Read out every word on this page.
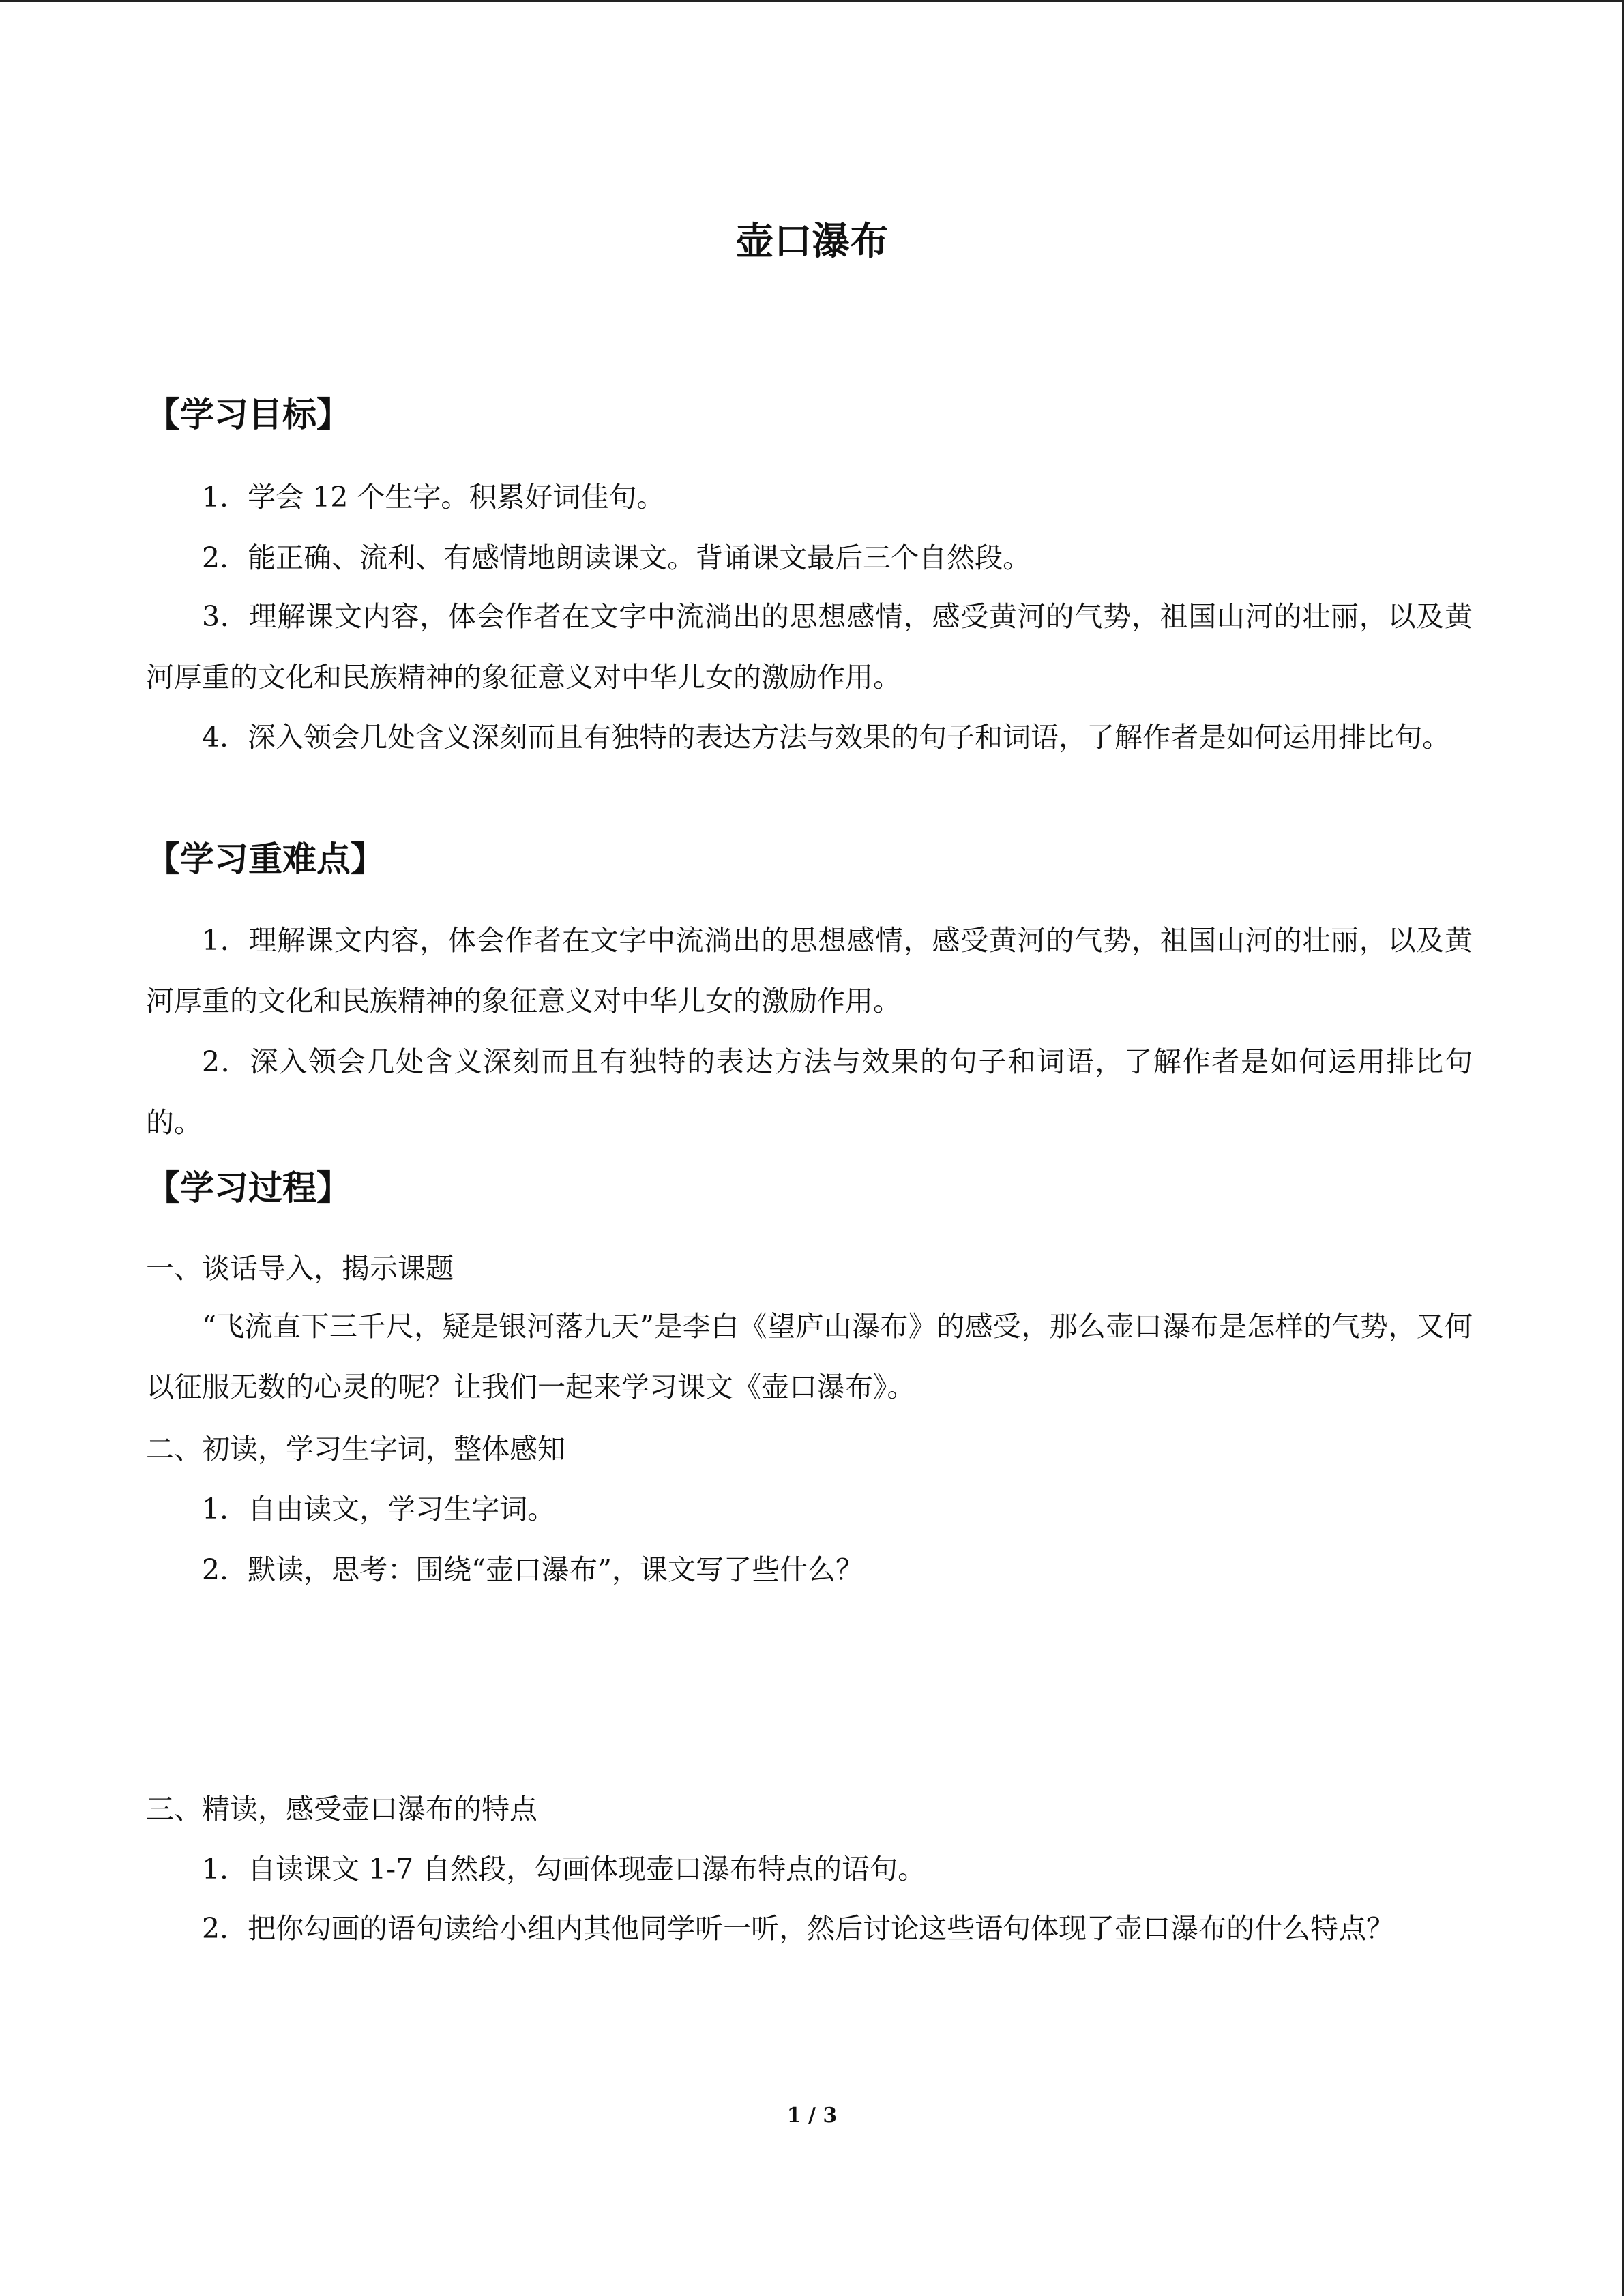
壶口瀑布
【学习目标】

1．学会 12 个生字。积累好词佳句。

2．能正确、流利、有感情地朗读课文。背诵课文最后三个自然段。

3．理解课文内容，体会作者在文字中流淌出的思想感情，感受黄河的气势，祖国山河的壮丽，以及黄河厚重的文化和民族精神的象征意义对中华儿女的激励作用。

4．深入领会几处含义深刻而且有独特的表达方法与效果的句子和词语，了解作者是如何运用排比句。

【学习重难点】

1．理解课文内容，体会作者在文字中流淌出的思想感情，感受黄河的气势，祖国山河的壮丽，以及黄河厚重的文化和民族精神的象征意义对中华儿女的激励作用。

2．深入领会几处含义深刻而且有独特的表达方法与效果的句子和词语，了解作者是如何运用排比句的。

【学习过程】

一、谈话导入，揭示课题

“飞流直下三千尺，疑是银河落九天”是李白《望庐山瀑布》的感受，那么壶口瀑布是怎样的气势，又何以征服无数的心灵的呢？让我们一起来学习课文《壶口瀑布》。

二、初读，学习生字词，整体感知

1．自由读文，学习生字词。

2．默读，思考：围绕“壶口瀑布”，课文写了些什么？

三、精读，感受壶口瀑布的特点

1．自读课文 1-7 自然段，勾画体现壶口瀑布特点的语句。

2．把你勾画的语句读给小组内其他同学听一听，然后讨论这些语句体现了壶口瀑布的什么特点？

1 / 3
